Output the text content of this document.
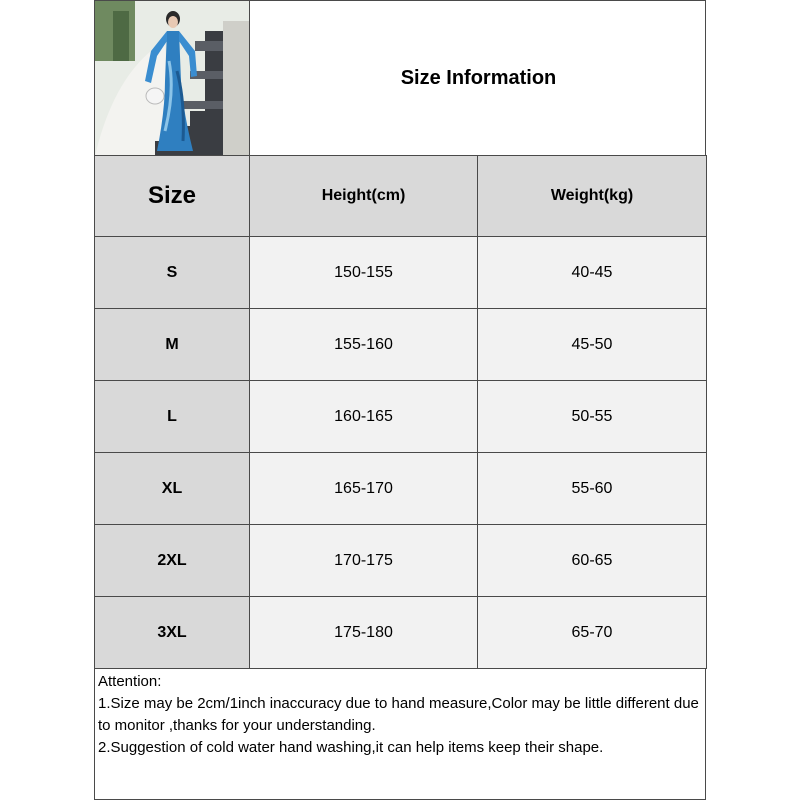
Size Information
Size	Height(cm)	Weight(kg)
S	150-155	40-45
M	155-160	45-50
L	160-165	50-55
XL	165-170	55-60
2XL	170-175	60-65
3XL	175-180	65-70

Attention:

1.Size may be 2cm/1inch inaccuracy due to hand measure,Color may be little different due to monitor ,thanks for your understanding.

2.Suggestion of cold water hand washing,it can help items keep their shape.
